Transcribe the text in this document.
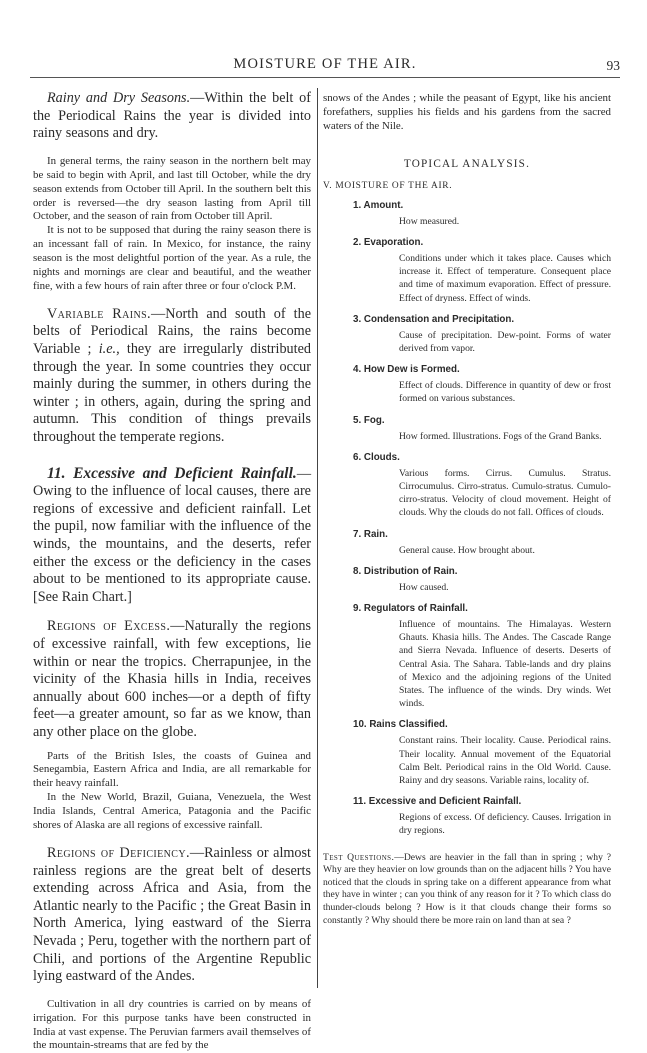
MOISTURE OF THE AIR.	93

Rainy and Dry Seasons.—Within the belt of the Periodical Rains the year is divided into rainy seasons and dry.

In general terms, the rainy season in the northern belt may be said to begin with April, and last till October, while the dry season extends from October till April. In the southern belt this order is reversed—the dry season lasting from April till October, and the season of rain from October till April.

It is not to be supposed that during the rainy season there is an incessant fall of rain. In Mexico, for instance, the rainy season is the most delightful portion of the year. As a rule, the nights and mornings are clear and beautiful, and the weather fine, with a few hours of rain after three or four o'clock P.M.

Variable Rains.—North and south of the belts of Periodical Rains, the rains become Variable ; i.e., they are irregularly distributed through the year. In some countries they occur mainly during the summer, in others during the winter ; in others, again, during the spring and autumn. This condition of things prevails throughout the temperate regions.

11. Excessive and Deficient Rainfall.—Owing to the influence of local causes, there are regions of excessive and deficient rainfall. Let the pupil, now familiar with the influence of the winds, the mountains, and the deserts, refer either the excess or the deficiency in the cases about to be mentioned to its appropriate cause. [See Rain Chart.]

Regions of Excess.—Naturally the regions of excessive rainfall, with few exceptions, lie within or near the tropics. Cherrapunjee, in the vicinity of the Khasia hills in India, receives annually about 600 inches—or a depth of fifty feet—a greater amount, so far as we know, than any other place on the globe.

Parts of the British Isles, the coasts of Guinea and Senegambia, Eastern Africa and India, are all remarkable for their heavy rainfall.

In the New World, Brazil, Guiana, Venezuela, the West India Islands, Central America, Patagonia and the Pacific shores of Alaska are all regions of excessive rainfall.

Regions of Deficiency.—Rainless or almost rainless regions are the great belt of deserts extending across Africa and Asia, from the Atlantic nearly to the Pacific ; the Great Basin in North America, lying eastward of the Sierra Nevada ; Peru, together with the northern part of Chili, and portions of the Argentine Republic lying eastward of the Andes.

Cultivation in all dry countries is carried on by means of irrigation. For this purpose tanks have been constructed in India at vast expense. The Peruvian farmers avail themselves of the mountain-streams that are fed by the

snows of the Andes ; while the peasant of Egypt, like his ancient forefathers, supplies his fields and his gardens from the sacred waters of the Nile.

TOPICAL ANALYSIS.
V. MOISTURE OF THE AIR.
1. Amount.
How measured.
2. Evaporation.
Conditions under which it takes place. Causes which increase it. Effect of temperature. Consequent place and time of maximum evaporation. Effect of pressure. Effect of dryness. Effect of winds.
3. Condensation and Precipitation.
Cause of precipitation. Dew-point. Forms of water derived from vapor.
4. How Dew is Formed.
Effect of clouds. Difference in quantity of dew or frost formed on various substances.
5. Fog.
How formed. Illustrations. Fogs of the Grand Banks.
6. Clouds.
Various forms. Cirrus. Cumulus. Stratus. Cirrocumulus. Cirro-stratus. Cumulo-stratus. Cumulo-cirro-stratus. Velocity of cloud movement. Height of clouds. Why the clouds do not fall. Offices of clouds.
7. Rain.
General cause. How brought about.
8. Distribution of Rain.
How caused.
9. Regulators of Rainfall.
Influence of mountains. The Himalayas. Western Ghauts. Khasia hills. The Andes. The Cascade Range and Sierra Nevada. Influence of deserts. Deserts of Central Asia. The Sahara. Table-lands and dry plains of Mexico and the adjoining regions of the United States. The influence of the winds. Dry winds. Wet winds.
10. Rains Classified.
Constant rains. Their locality. Cause. Periodical rains. Their locality. Annual movement of the Equatorial Calm Belt. Periodical rains in the Old World. Cause. Rainy and dry seasons. Variable rains, locality of.
11. Excessive and Deficient Rainfall.
Regions of excess. Of deficiency. Causes. Irrigation in dry regions.

Test Questions.—Dews are heavier in the fall than in spring ; why ? Why are they heavier on low grounds than on the adjacent hills ? You have noticed that the clouds in spring take on a different appearance from what they have in winter ; can you think of any reason for it ? To which class do thunder-clouds belong ? How is it that clouds change their forms so constantly ? Why should there be more rain on land than at sea ?
